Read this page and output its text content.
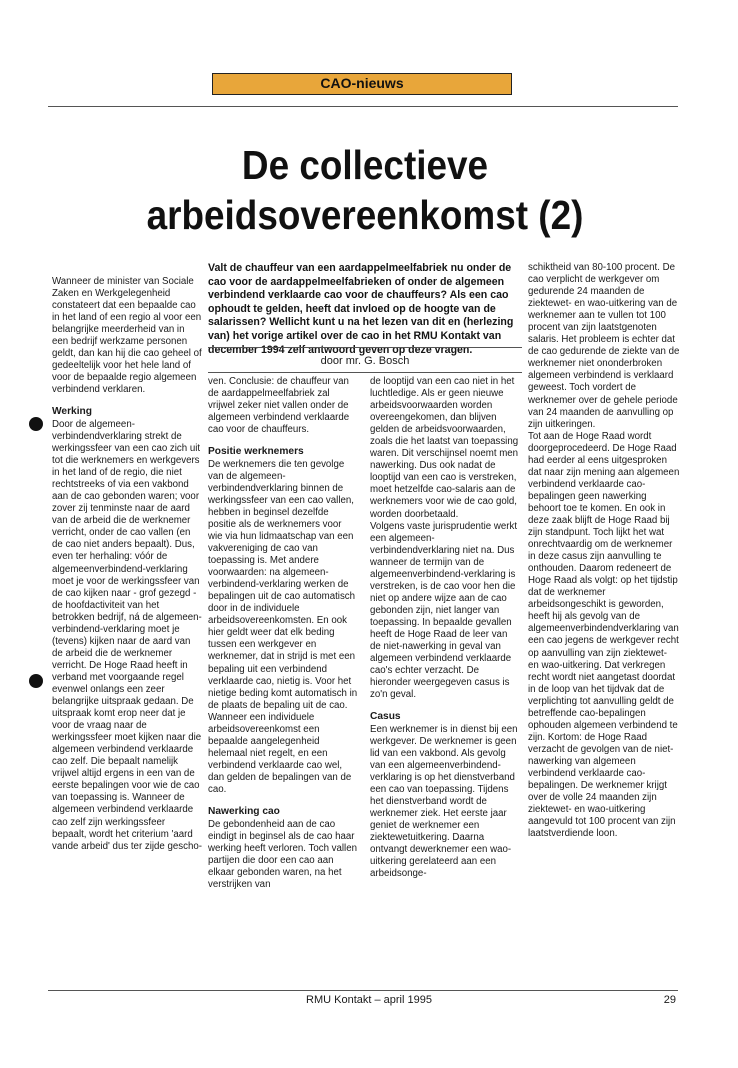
CAO-nieuws
De collectieve
arbeidsovereenkomst (2)
Valt de chauffeur van een aardappelmeelfabriek nu onder de cao voor de aardappelmeelfabrieken of onder de algemeen verbindend verklaarde cao voor de chauffeurs? Als een cao ophoudt te gelden, heeft dat invloed op de hoogte van de salarissen? Wellicht kunt u na het lezen van dit en (herlezing van) het vorige artikel over de cao in het RMU Kontakt van december 1994 zelf antwoord geven op deze vragen.
door mr. G. Bosch

Wanneer de minister van Sociale Zaken en Werkgelegenheid constateert dat een bepaalde cao in het land of een regio al voor een belangrijke meerderheid van in een bedrijf werkzame personen geldt, dan kan hij die cao geheel of gedeeltelijk voor het hele land of voor de bepaalde regio algemeen verbindend verklaren.

Werking

Door de algemeen-verbindendverklaring strekt de werkingssfeer van een cao zich uit tot die werknemers en werkgevers in het land of de regio, die niet rechtstreeks of via een vakbond aan de cao gebonden waren; voor zover zij tenminste naar de aard van de arbeid die de werknemer verricht, onder de cao vallen (en de cao niet anders bepaalt). Dus, even ter herhaling: vóór de algemeenverbindend-verklaring moet je voor de werkingssfeer van de cao kijken naar - grof gezegd - de hoofdactiviteit van het betrokken bedrijf, ná de algemeen-verbindend-verklaring moet je (tevens) kijken naar de aard van de arbeid die de werknemer verricht. De Hoge Raad heeft in verband met voorgaande regel evenwel onlangs een zeer belangrijke uitspraak gedaan. De uitspraak komt erop neer dat je voor de vraag naar de werkingssfeer moet kijken naar die algemeen verbindend verklaarde cao zelf. Die bepaalt namelijk vrijwel altijd ergens in een van de eerste bepalingen voor wie de cao van toepassing is. Wanneer de algemeen verbindend verklaarde cao zelf zijn werkingssfeer bepaalt, wordt het criterium 'aard vande arbeid' dus ter zijde gescho-

ven. Conclusie: de chauffeur van de aardappelmeelfabriek zal vrijwel zeker niet vallen onder de algemeen verbindend verklaarde cao voor de chauffeurs.

Positie werknemers

De werknemers die ten gevolge van de algemeen-verbindendverklaring binnen de werkingssfeer van een cao vallen, hebben in beginsel dezelfde positie als de werknemers voor wie via hun lidmaatschap van een vakvereniging de cao van toepassing is. Met andere voorwaarden: na algemeen-verbindend-verklaring werken de bepalingen uit de cao automatisch door in de individuele arbeidsovereenkomsten. En ook hier geldt weer dat elk beding tussen een werkgever en werknemer, dat in strijd is met een bepaling uit een verbindend verklaarde cao, nietig is. Voor het nietige beding komt automatisch in de plaats de bepaling uit de cao. Wanneer een individuele arbeidsovereenkomst een bepaalde aangelegenheid helemaal niet regelt, en een verbindend verklaarde cao wel, dan gelden de bepalingen van de cao.

Nawerking cao

De gebondenheid aan de cao eindigt in beginsel als de cao haar werking heeft verloren. Toch vallen partijen die door een cao aan elkaar gebonden waren, na het verstrijken van

de looptijd van een cao niet in het luchtledige. Als er geen nieuwe arbeidsvoorwaarden worden overeengekomen, dan blijven gelden de arbeidsvoorwaarden, zoals die het laatst van toepassing waren. Dit verschijnsel noemt men nawerking. Dus ook nadat de looptijd van een cao is verstreken, moet hetzelfde cao-salaris aan de werknemers voor wie de cao gold, worden doorbetaald.

Volgens vaste jurisprudentie werkt een algemeen-verbindendverklaring niet na. Dus wanneer de termijn van de algemeenverbindend-verklaring is verstreken, is de cao voor hen die niet op andere wijze aan de cao gebonden zijn, niet langer van toepassing. In bepaalde gevallen heeft de Hoge Raad de leer van de niet-nawerking in geval van algemeen verbindend verklaarde cao's echter verzacht. De hieronder weergegeven casus is zo'n geval.

Casus

Een werknemer is in dienst bij een werkgever. De werknemer is geen lid van een vakbond. Als gevolg van een algemeenverbindend- verklaring is op het dienstverband een cao van toepassing. Tijdens het dienstverband wordt de werknemer ziek. Het eerste jaar geniet de werknemer een ziektewetuitkering. Daarna ontvangt dewerknemer een wao-uitkering gerelateerd aan een arbeidsonge-

schiktheid van 80-100 procent. De cao verplicht de werkgever om gedurende 24 maanden de ziektewet- en wao-uitkering van de werknemer aan te vullen tot 100 procent van zijn laatstgenoten salaris. Het probleem is echter dat de cao gedurende de ziekte van de werknemer niet ononderbroken algemeen verbindend is verklaard geweest. Toch vordert de werknemer over de gehele periode van 24 maanden de aanvulling op zijn uitkeringen.

Tot aan de Hoge Raad wordt doorgeprocedeerd. De Hoge Raad had eerder al eens uitgesproken dat naar zijn mening aan algemeen verbindend verklaarde cao-bepalingen geen nawerking behoort toe te komen. En ook in deze zaak blijft de Hoge Raad bij zijn standpunt. Toch lijkt het wat onrechtvaardig om de werknemer in deze casus zijn aanvulling te onthouden. Daarom redeneert de Hoge Raad als volgt: op het tijdstip dat de werknemer arbeidsongeschikt is geworden, heeft hij als gevolg van de algemeenverbindendverklaring van een cao jegens de werkgever recht op aanvulling van zijn ziektewet- en wao-uitkering. Dat verkregen recht wordt niet aangetast doordat in de loop van het tijdvak dat de verplichting tot aanvulling geldt de betreffende cao-bepalingen ophouden algemeen verbindend te zijn. Kortom: de Hoge Raad verzacht de gevolgen van de niet-nawerking van algemeen verbindend verklaarde cao-bepalingen. De werknemer krijgt over de volle 24 maanden zijn ziektewet- en wao-uitkering aangevuld tot 100 procent van zijn laatstverdiende loon.

RMU Kontakt – april 1995	29
